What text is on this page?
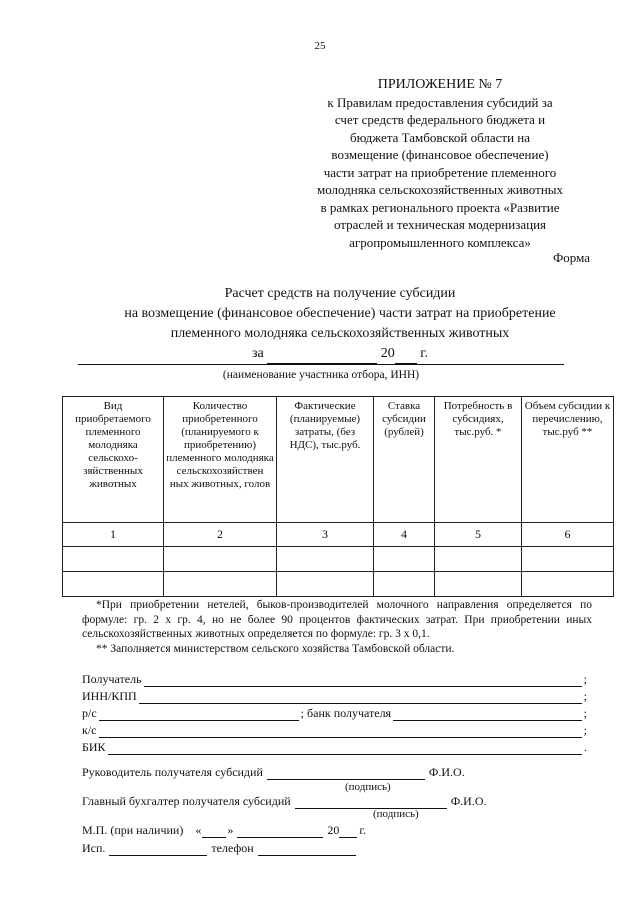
25
ПРИЛОЖЕНИЕ № 7
к Правилам предоставления субсидий за
счет средств федерального бюджета и
бюджета Тамбовской области на
возмещение (финансовое обеспечение)
части затрат на приобретение племенного
молодняка сельскохозяйственных животных
в рамках регионального проекта «Развитие
отраслей и техническая модернизация
агропромышленного комплекса»
Форма
Расчет средств на получение субсидии
на возмещение (финансовое обеспечение) части затрат на приобретение
племенного молодняка сельскохозяйственных животных
за	20 г.
(наименование участника отбора, ИНН)
Вид приобретаемого племенного молодняка сельскохо-зяйственных животных	Количество приобретенного (планируемого к приобретению) племенного молодняка сельскохозяйствен ных животных, голов	Фактические (планируемые) затраты, (без НДС), тыс.руб.	Ставка субсидии (рублей)	Потребность в субсидиях, тыс.руб. *	Объем субсидии к перечислению, тыс.руб **
1	2	3	4	5	6

*При приобретении нетелей, быков-производителей молочного направления определяется по формуле: гр. 2 х гр. 4, но не более 90 процентов фактических затрат. При приобретении иных сельскохозяйственных животных определяется по формуле: гр. 3 х 0,1.

** Заполняется министерством сельского хозяйства Тамбовской области.

Получатель	;
ИНН/КПП	;
р/с	; банк получателя	;
к/с	;
БИК	.
Руководитель получателя субсидий	Ф.И.О.
(подпись)
Главный бухгалтер получателя субсидий	Ф.И.О.
(подпись)
М.П. (при наличии) « »	20 г.
Исп.	телефон
